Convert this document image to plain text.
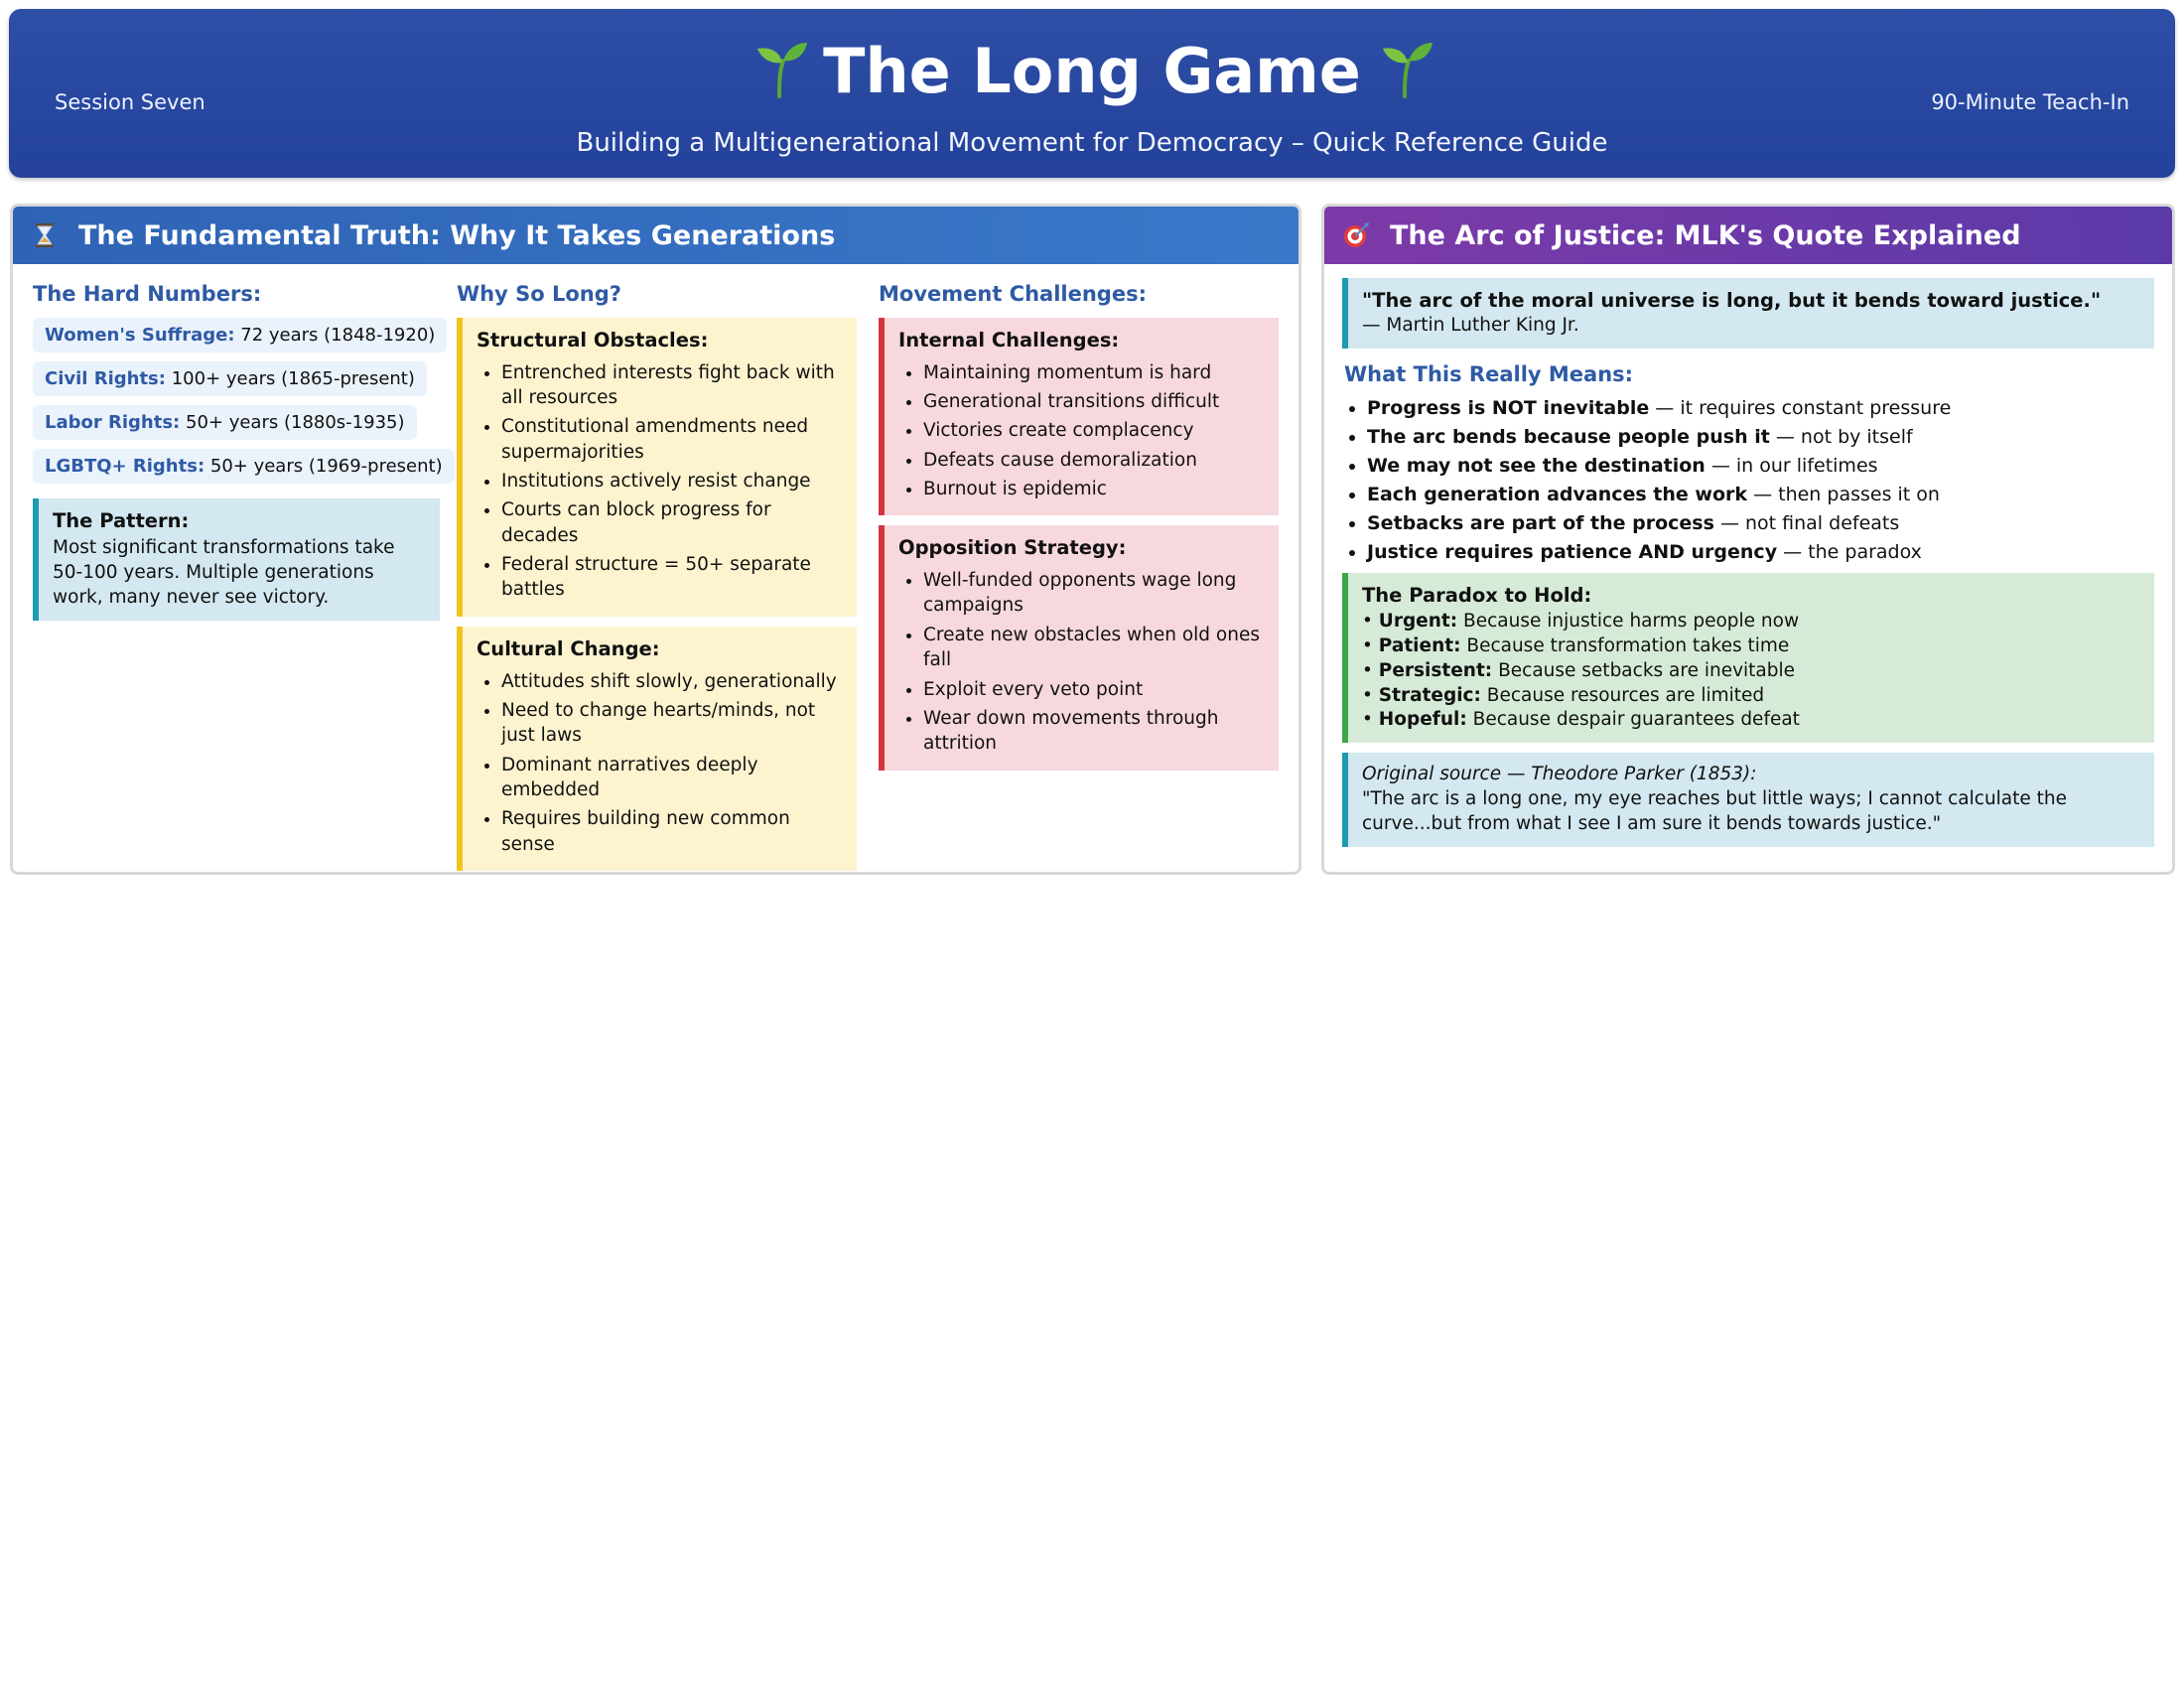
Session Seven	90-Minute Teach-In
The Long Game
Building a Multigenerational Movement for Democracy – Quick Reference Guide
The Fundamental Truth: Why It Takes Generations
The Hard Numbers:
Women's Suffrage: 72 years (1848-1920)
Civil Rights: 100+ years (1865-present)
Labor Rights: 50+ years (1880s-1935)
LGBTQ+ Rights: 50+ years (1969-present)
The Pattern:
Most significant transformations take 50-100 years. Multiple generations work, many never see victory.
Why So Long?
Structural Obstacles:
• Entrenched interests fight back with all resources
• Constitutional amendments need supermajorities
• Institutions actively resist change
• Courts can block progress for decades
• Federal structure = 50+ separate battles
Cultural Change:
• Attitudes shift slowly, generationally
• Need to change hearts/minds, not just laws
• Dominant narratives deeply embedded
• Requires building new common sense
Movement Challenges:
Internal Challenges:
• Maintaining momentum is hard
• Generational transitions difficult
• Victories create complacency
• Defeats cause demoralization
• Burnout is epidemic
Opposition Strategy:
• Well-funded opponents wage long campaigns
• Create new obstacles when old ones fall
• Exploit every veto point
• Wear down movements through attrition
The Arc of Justice: MLK's Quote Explained
"The arc of the moral universe is long, but it bends toward justice."
— Martin Luther King Jr.
What This Really Means:
• Progress is NOT inevitable — it requires constant pressure
• The arc bends because people push it — not by itself
• We may not see the destination — in our lifetimes
• Each generation advances the work — then passes it on
• Setbacks are part of the process — not final defeats
• Justice requires patience AND urgency — the paradox
The Paradox to Hold:
• Urgent: Because injustice harms people now
• Patient: Because transformation takes time
• Persistent: Because setbacks are inevitable
• Strategic: Because resources are limited
• Hopeful: Because despair guarantees defeat
Original source — Theodore Parker (1853):
"The arc is a long one, my eye reaches but little ways; I cannot calculate the curve...but from what I see I am sure it bends towards justice."
